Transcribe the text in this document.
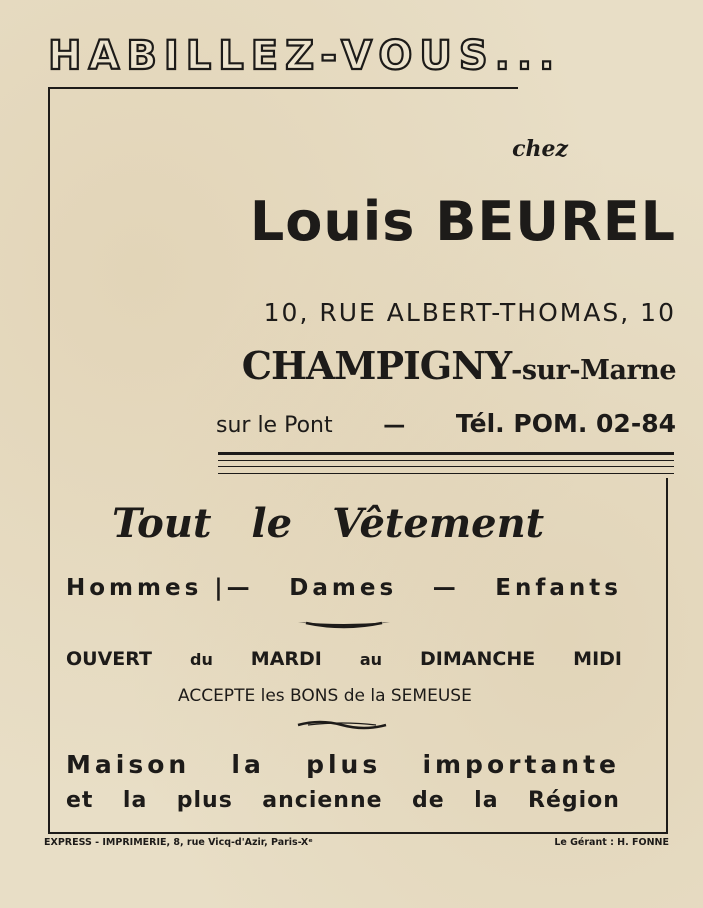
HABILLEZ-VOUS...
chez
Louis BEUREL
10, RUE ALBERT-THOMAS, 10
CHAMPIGNY-sur-Marne
sur le Pont — Tél. POM. 02-84
Tout le Vêtement
Hommes |— Dames — Enfants
OUVERT du MARDI au DIMANCHE MIDI
ACCEPTE les BONS de la SEMEUSE
Maison la plus importante
et la plus ancienne de la Région
EXPRESS - IMPRIMERIE, 8, rue Vicq-d'Azir, Paris-Xᵉ	Le Gérant : H. FONNE
